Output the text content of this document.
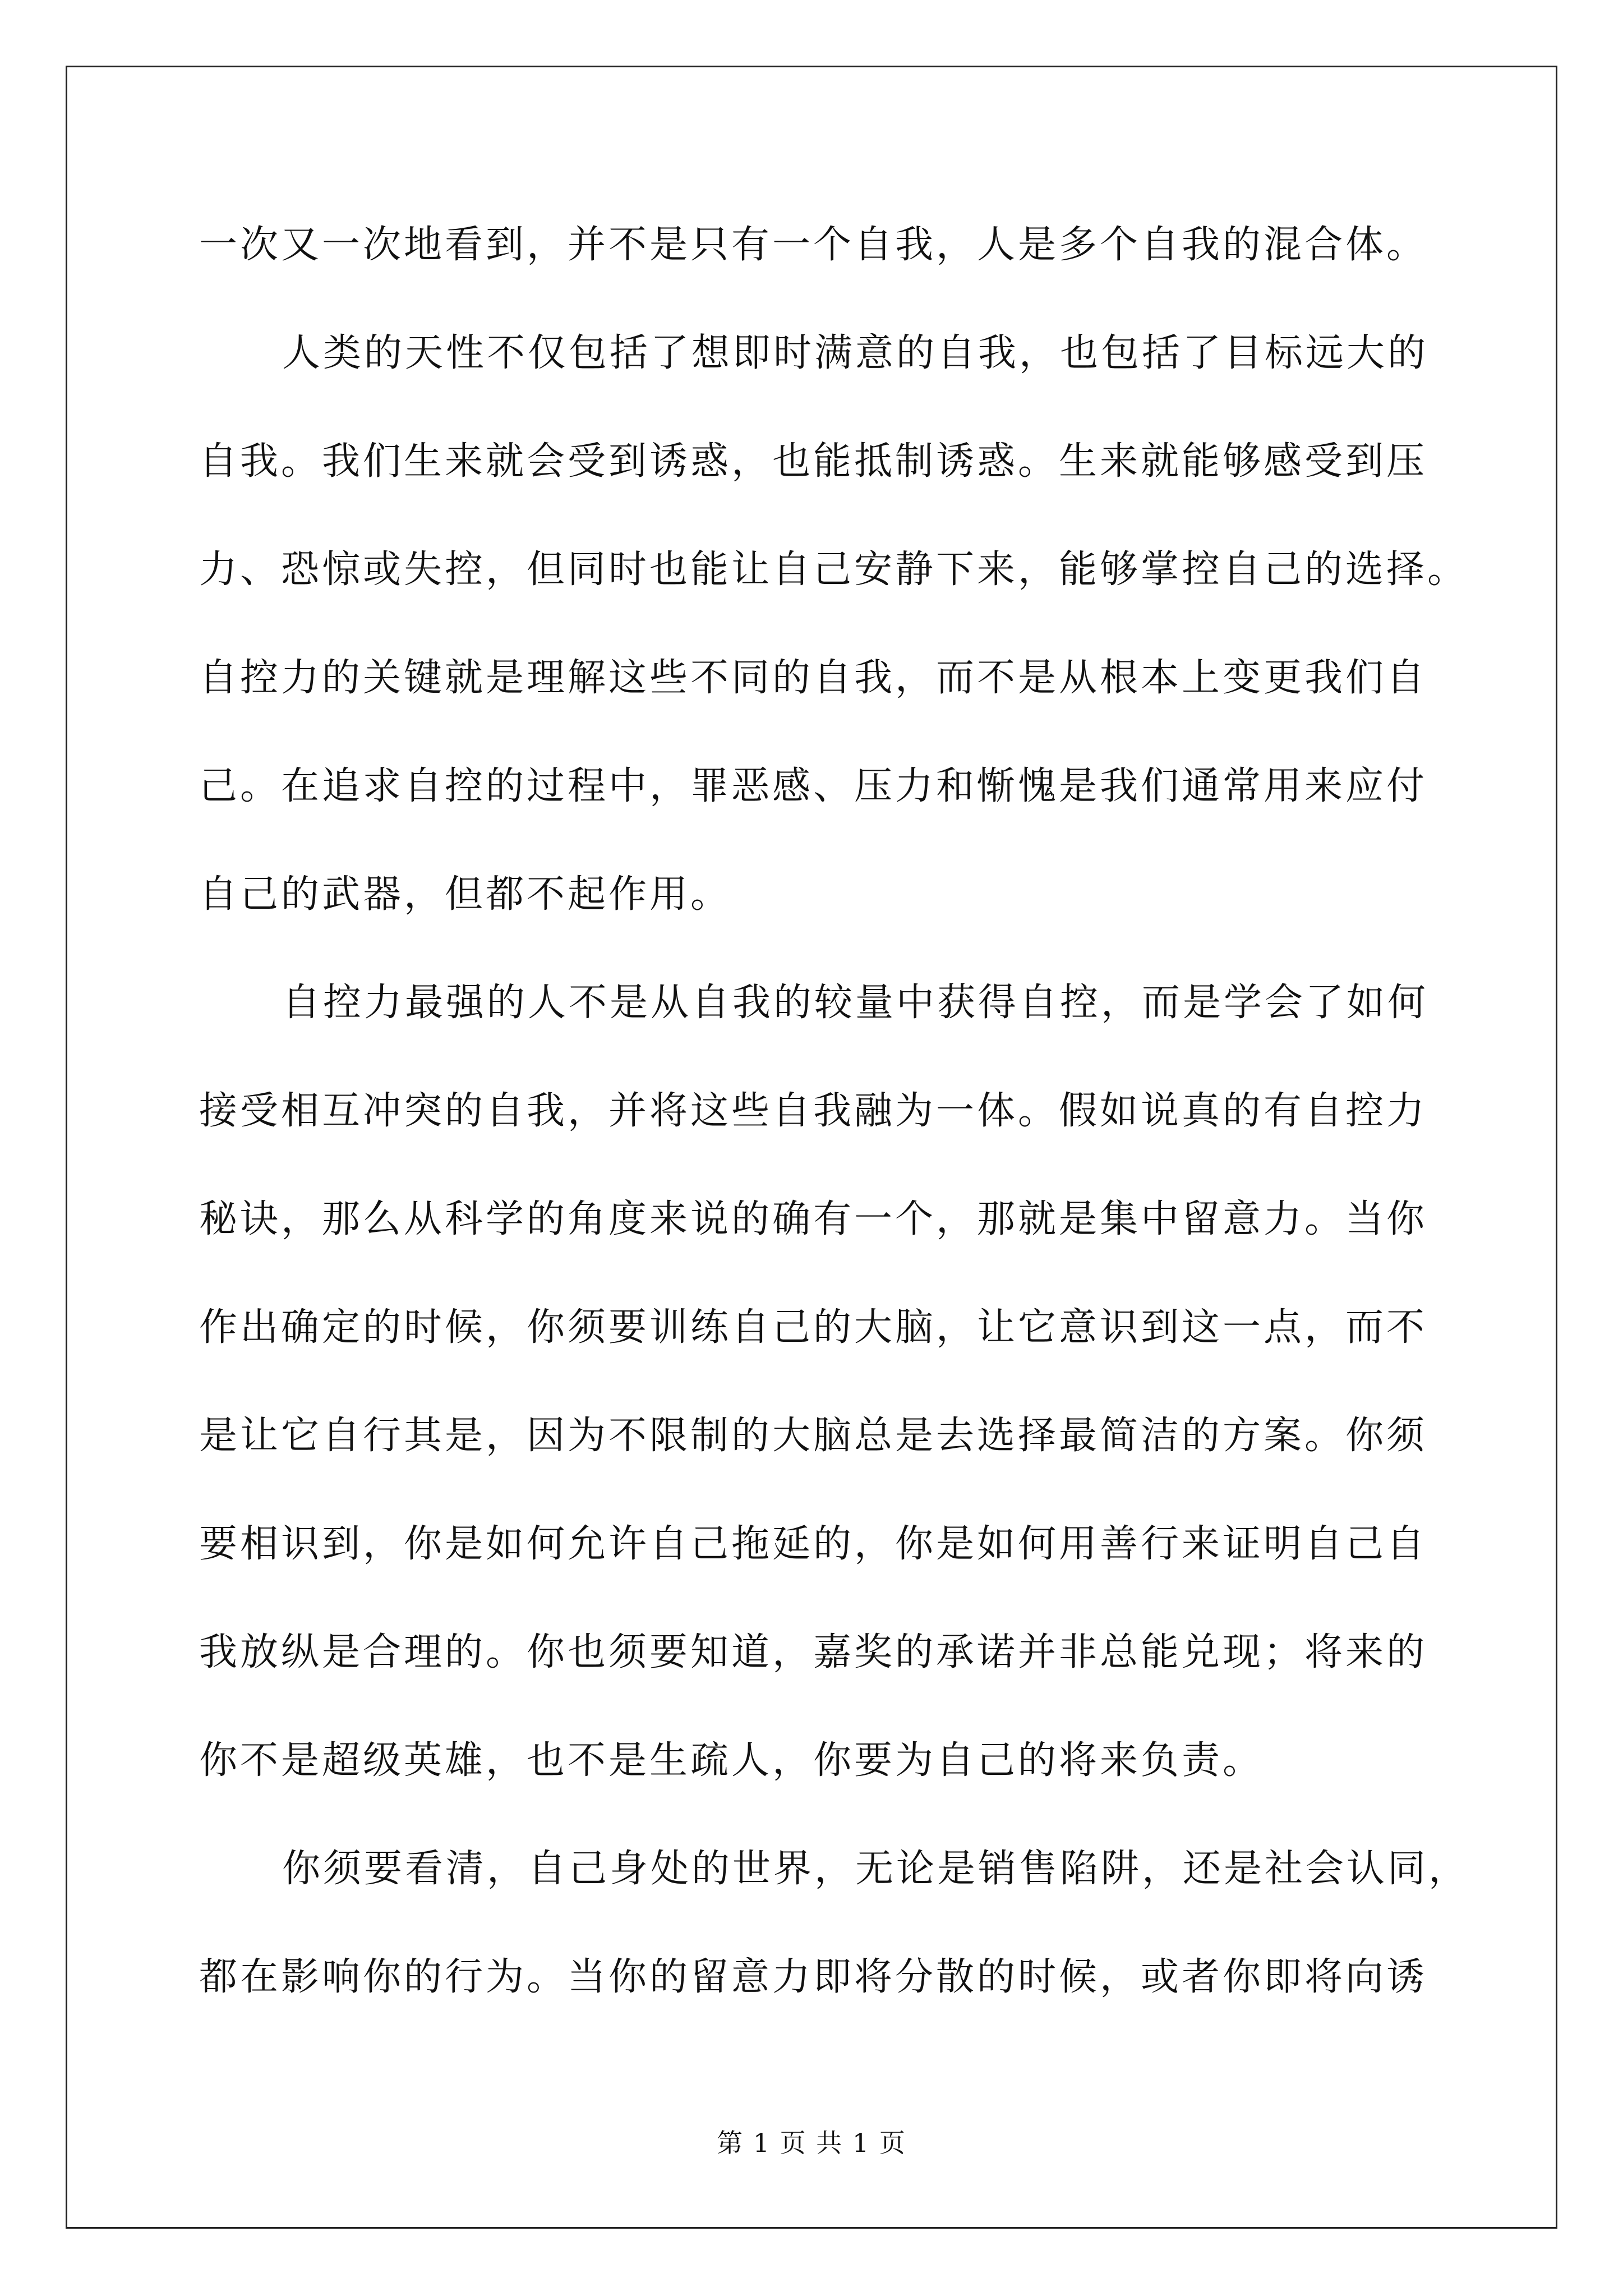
一次又一次地看到，并不是只有一个自我，人是多个自我的混合体。
人类的天性不仅包括了想即时满意的自我，也包括了目标远大的
自我。我们生来就会受到诱惑，也能抵制诱惑。生来就能够感受到压
力、恐惊或失控，但同时也能让自己安静下来，能够掌控自己的选择。
自控力的关键就是理解这些不同的自我，而不是从根本上变更我们自
己。在追求自控的过程中，罪恶感、压力和惭愧是我们通常用来应付
自己的武器，但都不起作用。
自控力最强的人不是从自我的较量中获得自控，而是学会了如何
接受相互冲突的自我，并将这些自我融为一体。假如说真的有自控力
秘诀，那么从科学的角度来说的确有一个，那就是集中留意力。当你
作出确定的时候，你须要训练自己的大脑，让它意识到这一点，而不
是让它自行其是，因为不限制的大脑总是去选择最简洁的方案。你须
要相识到，你是如何允许自己拖延的，你是如何用善行来证明自己自
我放纵是合理的。你也须要知道，嘉奖的承诺并非总能兑现；将来的
你不是超级英雄，也不是生疏人，你要为自己的将来负责。
你须要看清，自己身处的世界，无论是销售陷阱，还是社会认同，
都在影响你的行为。当你的留意力即将分散的时候，或者你即将向诱
第 1 页 共 1 页
